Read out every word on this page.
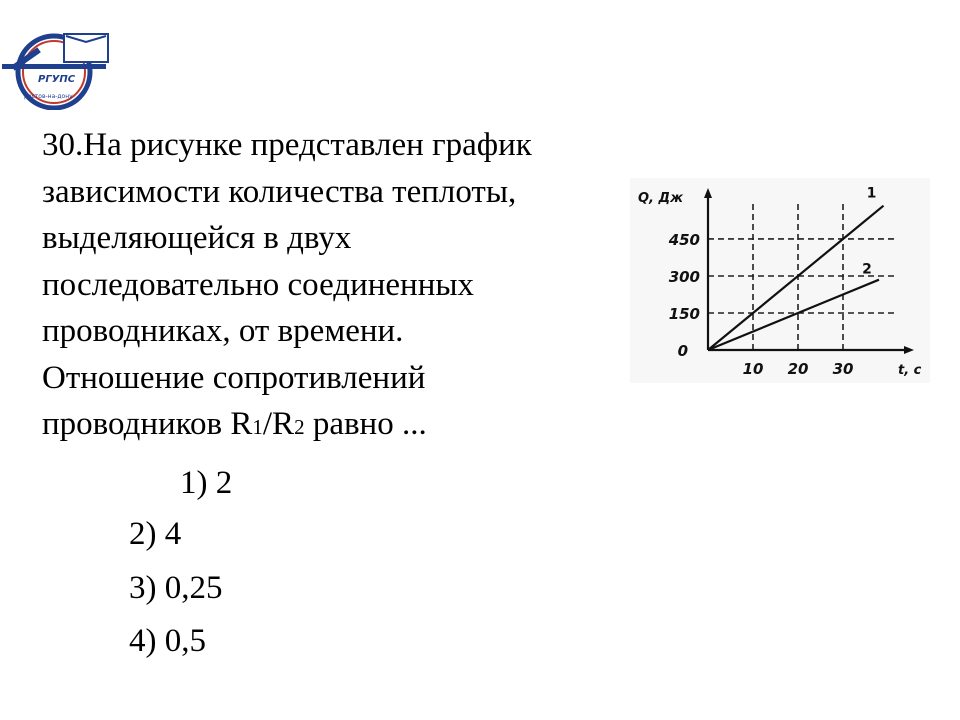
РГУПС
ростов-на-дону
30.На рисунке представлен график
зависимости количества теплоты,
выделяющейся в двух
последовательно соединенных
проводниках, от времени.
Отношение сопротивлений
проводников R1/R2 равно ...
1) 2
2) 4
3) 0,25
4) 0,5
10 20 30
150
300
450
0
Q, Дж
t, c
1
2
